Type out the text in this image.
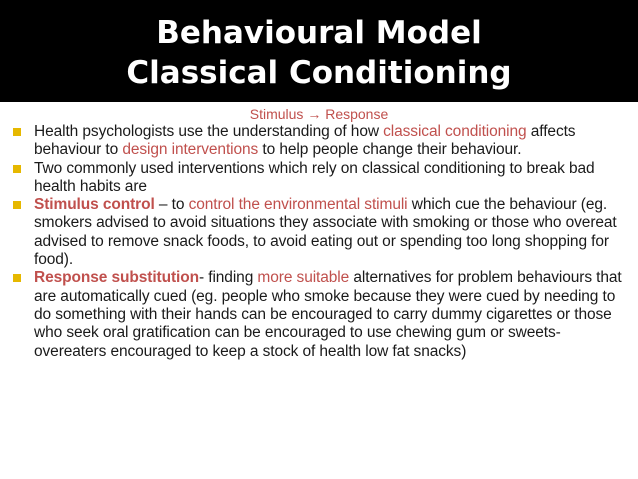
Behavioural Model
Classical Conditioning
Stimulus → Response

Health psychologists use the understanding of how classical conditioning affects behaviour to design interventions to help people change their behaviour.

Two commonly used interventions which rely on classical conditioning to break bad health habits are

Stimulus control – to control the environmental stimuli which cue the behaviour (eg. smokers advised to avoid situations they associate with smoking or those who overeat advised to remove snack foods, to avoid eating out or spending too long shopping for food).

Response substitution- finding more suitable alternatives for problem behaviours that are automatically cued (eg. people who smoke because they were cued by needing to do something with their hands can be encouraged to carry dummy cigarettes or those who seek oral gratification can be encouraged to use chewing gum or sweets- overeaters encouraged to keep a stock of health low fat snacks)
